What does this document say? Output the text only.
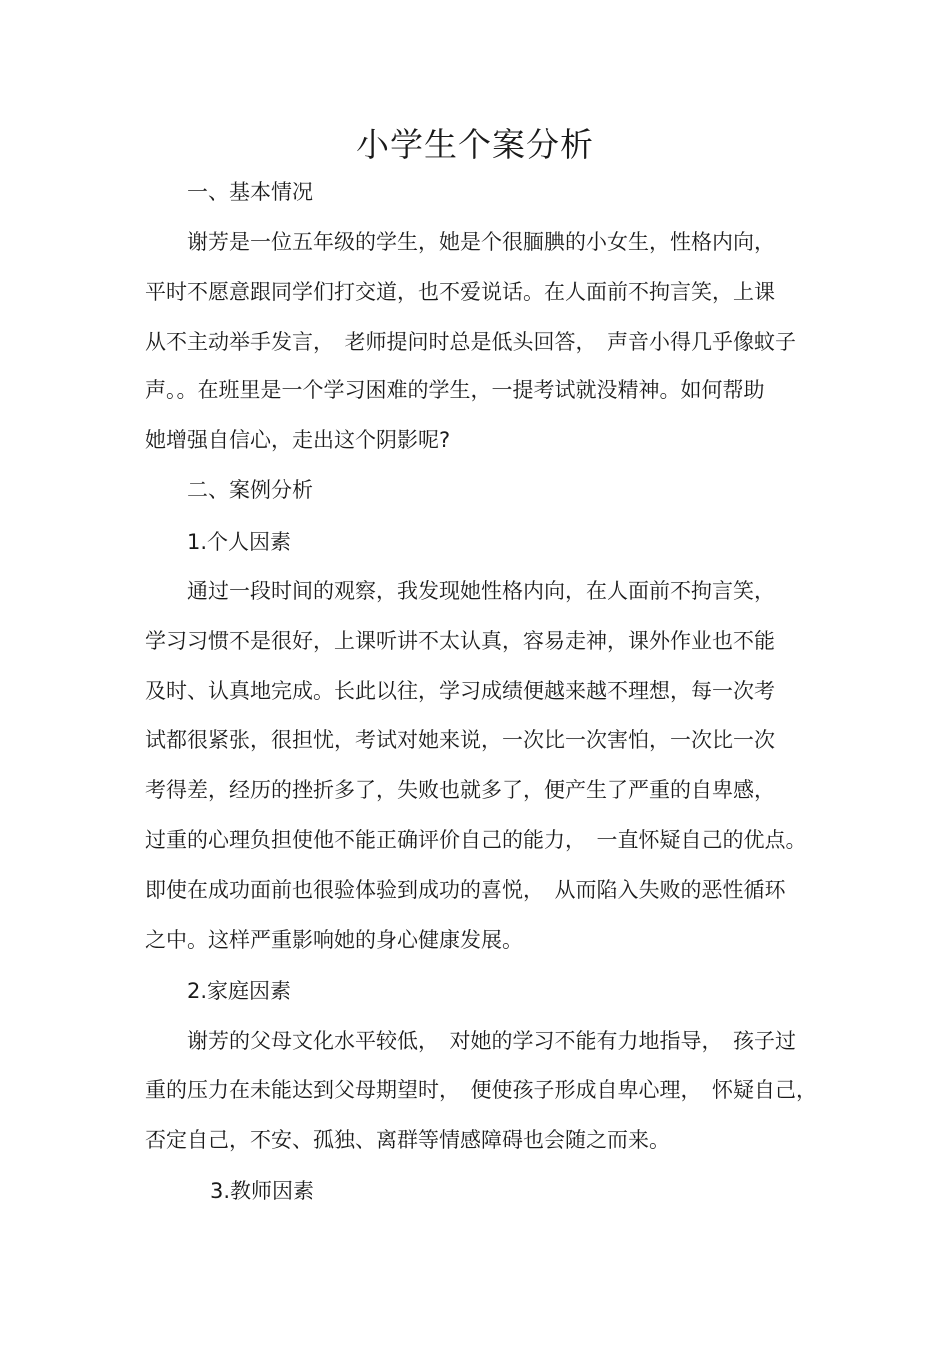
小学生个案分析
一、基本情况
谢芳是一位五年级的学生，她是个很腼腆的小女生，性格内向，
平时不愿意跟同学们打交道，也不爱说话。在人面前不拘言笑，上课
从不主动举手发言，　老师提问时总是低头回答，　声音小得几乎像蚊子
声。。在班里是一个学习困难的学生，一提考试就没精神。如何帮助
她增强自信心，走出这个阴影呢?
二、案例分析
1.个人因素
通过一段时间的观察，我发现她性格内向，在人面前不拘言笑，
学习习惯不是很好，上课听讲不太认真，容易走神，课外作业也不能
及时、认真地完成。长此以往，学习成绩便越来越不理想，每一次考
试都很紧张，很担忧，考试对她来说，一次比一次害怕，一次比一次
考得差，经历的挫折多了，失败也就多了，便产生了严重的自卑感，
过重的心理负担使他不能正确评价自己的能力，　一直怀疑自己的优点。
即使在成功面前也很验体验到成功的喜悦，　从而陷入失败的恶性循环
之中。这样严重影响她的身心健康发展。
2.家庭因素
谢芳的父母文化水平较低，　对她的学习不能有力地指导，　孩子过
重的压力在未能达到父母期望时，　便使孩子形成自卑心理，　怀疑自己，
否定自己，不安、孤独、离群等情感障碍也会随之而来。
3.教师因素
